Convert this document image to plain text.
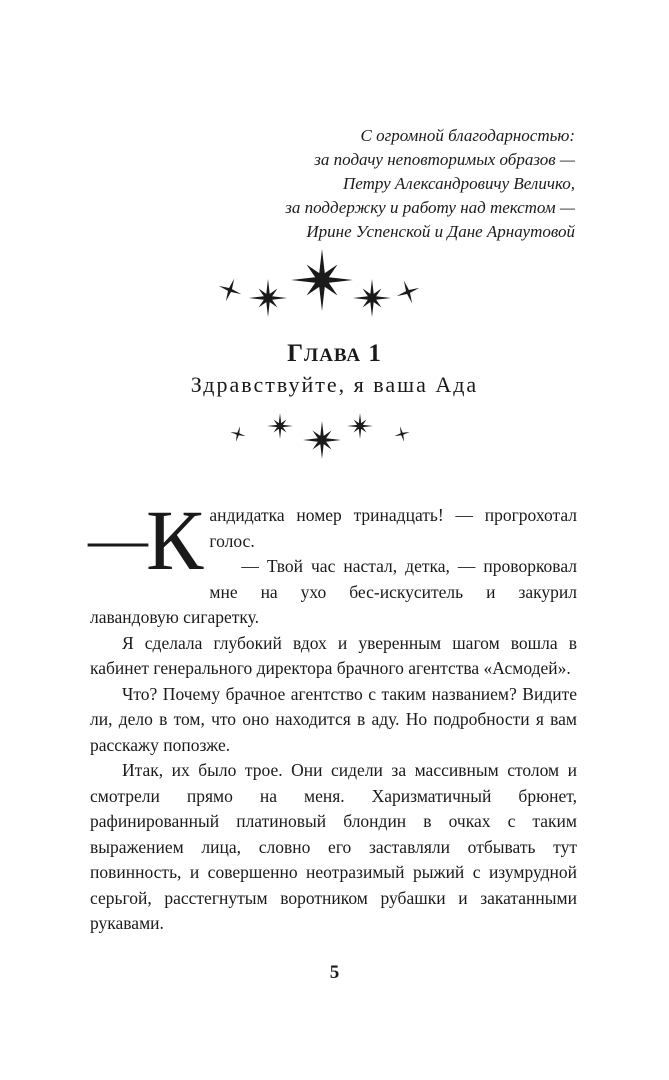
С огромной благодарностью:
за подачу неповторимых образов —
Петру Александровичу Величко,
за поддержку и работу над текстом —
Ирине Успенской и Дане Арнаутовой
ГЛАВА 1
Здравствуйте, я ваша Ада

—
К андидатка номер тринадцать! — прогрохотал голос.

— Твой час настал, детка, — проворковал мне на ухо бес-искуситель и закурил лавандовую сигаретку.

Я сделала глубокий вдох и уверенным шагом вошла в кабинет генерального директора брачного агентства «Асмодей».

Что? Почему брачное агентство с таким названием? Видите ли, дело в том, что оно находится в аду. Но подробности я вам расскажу попозже.

Итак, их было трое. Они сидели за массивным столом и смотрели прямо на меня. Харизматичный брюнет, рафинированный платиновый блондин в очках с таким выражением лица, словно его заставляли отбывать тут повинность, и совершенно неотразимый рыжий с изумрудной серьгой, расстегнутым воротником рубашки и закатанными рукавами.

5
